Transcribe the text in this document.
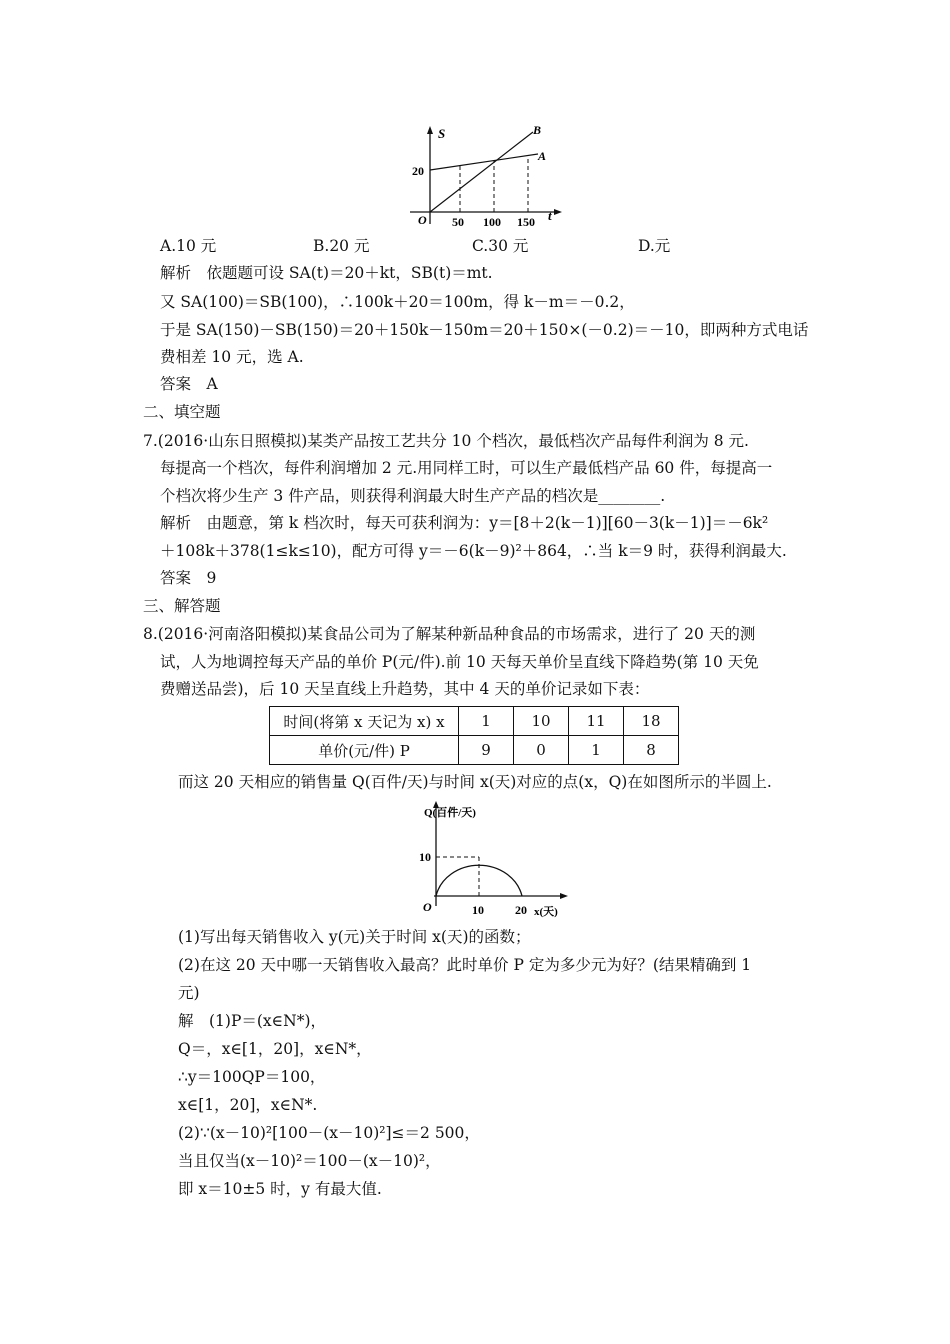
S
t
O
20
50 100 150
A
B
A.10 元	B.20 元	C.30 元	D.元
解析　依题题可设 SA(t)＝20＋kt，SB(t)＝mt.
又 SA(100)＝SB(100)，∴100k＋20＝100m，得 k－m＝－0.2，
于是 SA(150)－SB(150)＝20＋150k－150m＝20＋150×(－0.2)＝－10，即两种方式电话
费相差 10 元，选 A.
答案　A
二、填空题
7.(2016·山东日照模拟)某类产品按工艺共分 10 个档次，最低档次产品每件利润为 8 元.
每提高一个档次，每件利润增加 2 元.用同样工时，可以生产最低档产品 60 件，每提高一
个档次将少生产 3 件产品，则获得利润最大时生产产品的档次是________.
解析　由题意，第 k 档次时，每天可获利润为：y＝[8＋2(k－1)][60－3(k－1)]＝－6k²
＋108k＋378(1≤k≤10)，配方可得 y＝－6(k－9)²＋864，∴当 k＝9 时，获得利润最大.
答案　9
三、解答题
8.(2016·河南洛阳模拟)某食品公司为了解某种新品种食品的市场需求，进行了 20 天的测
试，人为地调控每天产品的单价 P(元/件).前 10 天每天单价呈直线下降趋势(第 10 天免
费赠送品尝)，后 10 天呈直线上升趋势，其中 4 天的单价记录如下表：
时间(将第 x 天记为 x) x	1	10	11	18
单价(元/件) P	9	0	1	8
而这 20 天相应的销售量 Q(百件/天)与时间 x(天)对应的点(x，Q)在如图所示的半圆上.
Q(百件/天)
x(天)
O
10
10	20
(1)写出每天销售收入 y(元)关于时间 x(天)的函数；
(2)在这 20 天中哪一天销售收入最高？此时单价 P 定为多少元为好？(结果精确到 1
元)
解　(1)P＝(x∈N*)，
Q＝，x∈[1，20]，x∈N*，
∴y＝100QP＝100，
x∈[1，20]，x∈N*.
(2)∵(x－10)²[100－(x－10)²]≤＝2 500，
当且仅当(x－10)²＝100－(x－10)²，
即 x＝10±5 时，y 有最大值.
